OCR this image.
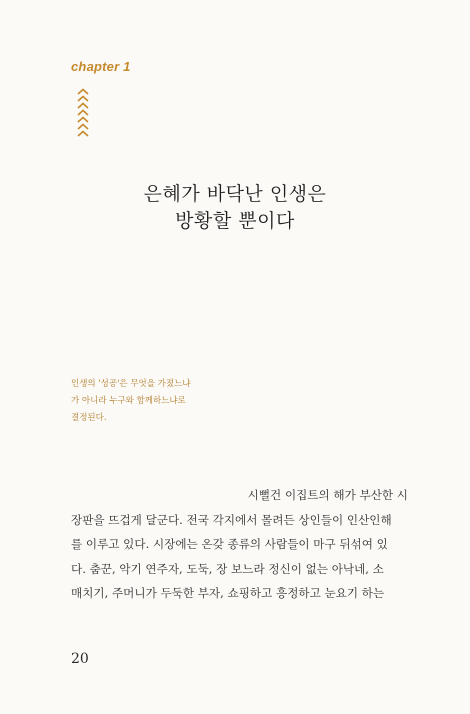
chapter 1
은혜가 바닥난 인생은
방황할 뿐이다
인생의 '성공'은 무엇을 가졌느냐
가 아니라 누구와 함께하느냐로
결정된다.
시뻘건 이집트의 해가 부산한 시
장판을 뜨겁게 달군다. 전국 각지에서 몰려든 상인들이 인산인해
를 이루고 있다. 시장에는 온갖 종류의 사람들이 마구 뒤섞여 있
다. 춤꾼, 악기 연주자, 도둑, 장 보느라 정신이 없는 아낙네, 소
매치기, 주머니가 두둑한 부자, 쇼핑하고 흥정하고 눈요기 하는
20
